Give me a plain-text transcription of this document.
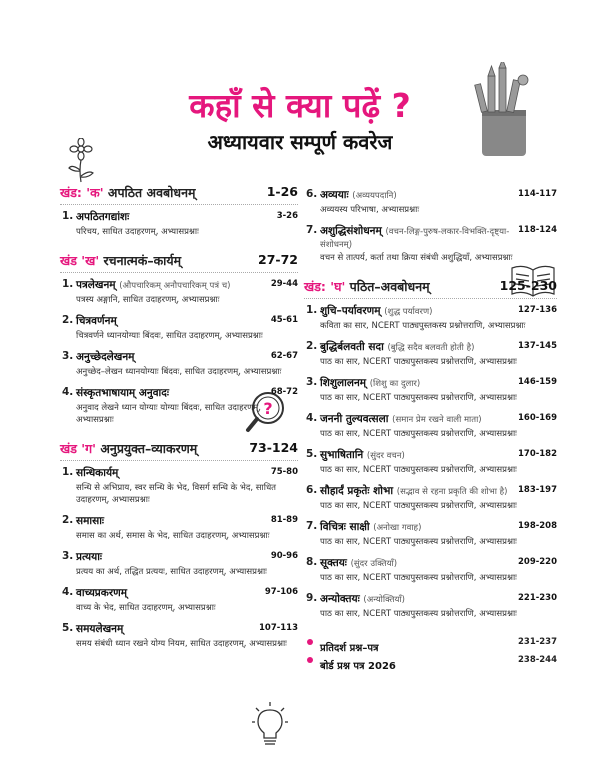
कहाँ से क्या पढ़ें ?
अध्यायवार सम्पूर्ण कवरेज
?
खंड: 'क' अपठित अवबोधनम्	1-26
1. अपठितगद्यांशः	3-26
परिचय, साधित उदाहरणम्, अभ्यासप्रश्नाः
खंड 'ख' रचनात्मकं–कार्यम्	27-72
1. पत्रलेखनम् (औपचारिकम् अनौपचारिकम् पत्रं च)	29-44
पत्रस्य अङ्गानि, साधित उदाहरणम्, अभ्यासप्रश्नाः
2. चित्रवर्णनम्	45-61
चित्रवर्णने ध्यानयोग्याः बिंदवः, साधित उदाहरणम्, अभ्यासप्रश्नाः
3. अनुच्छेदलेखनम्	62-67
अनुच्छेद–लेखन ध्यानयोग्याः बिंदवः, साधित उदाहरणम्, अभ्यासप्रश्नाः
4. संस्कृतभाषायाम् अनुवादः	68-72
अनुवाद लेखने ध्यान योग्याः योग्याः बिंदवः, साधित उदाहरणम्, अभ्यासप्रश्नाः
खंड 'ग' अनुप्रयुक्त–व्याकरणम्	73-124
1. सन्धिकार्यम्	75-80
सन्धि से अभिप्राय, स्वर सन्धि के भेद, विसर्ग सन्धि के भेद, साधित उदाहरणम्, अभ्यासप्रश्नाः
2. समासाः	81-89
समास का अर्थ, समास के भेद, साधित उदाहरणम्, अभ्यासप्रश्नाः
3. प्रत्ययाः	90-96
प्रत्यय का अर्थ, तद्धित प्रत्ययः, साधित उदाहरणम्, अभ्यासप्रश्नाः
4. वाच्यप्रकरणम्	97-106
वाच्य के भेद, साधित उदाहरणम्, अभ्यासप्रश्नाः
5. समयलेखनम्	107-113
समय संबंधी ध्यान रखने योग्य नियम, साधित उदाहरणम्, अभ्यासप्रश्नाः
6. अव्ययाः (अव्ययपदानि)	114-117
अव्ययस्य परिभाषा, अभ्यासप्रश्नाः
7. अशुद्धिसंशोधनम् (वचन-लिङ्ग-पुरुष-लकार-विभक्ति-दृष्ट्या-संशोधनम्)
118-124
वचन से तात्पर्य, कर्ता तथा क्रिया संबंधी अशुद्धियाँ, अभ्यासप्रश्नाः
खंड: 'घ' पठित–अवबोधनम्	125-230
1. शुचि–पर्यावरणम् (शुद्ध पर्यावरण)	127-136
कविता का सार, NCERT पाठ्यपुस्तकस्य प्रश्नोत्तराणि, अभ्यासप्रश्नाः
2. बुद्धिर्बलवती सदा (बुद्धि सदैव बलवती होती है)	137-145
पाठ का सार, NCERT पाठ्यपुस्तकस्य प्रश्नोत्तराणि, अभ्यासप्रश्नाः
3. शिशुलालनम् (शिशु का दुलार)	146-159
पाठ का सार, NCERT पाठ्यपुस्तकस्य प्रश्नोत्तराणि, अभ्यासप्रश्नाः
4. जननी तुल्यवत्सला (समान प्रेम रखने वाली माता)	160-169
पाठ का सार, NCERT पाठ्यपुस्तकस्य प्रश्नोत्तराणि, अभ्यासप्रश्नाः
5. सुभाषितानि (सुंदर वचन)	170-182
पाठ का सार, NCERT पाठ्यपुस्तकस्य प्रश्नोत्तराणि, अभ्यासप्रश्नाः
6. सौहार्दं प्रकृतेः शोभा (सद्भाव से रहना प्रकृति की शोभा है)	183-197
पाठ का सार, NCERT पाठ्यपुस्तकस्य प्रश्नोत्तराणि, अभ्यासप्रश्नाः
7. विचित्रः साक्षी (अनोखा गवाह)	198-208
पाठ का सार, NCERT पाठ्यपुस्तकस्य प्रश्नोत्तराणि, अभ्यासप्रश्नाः
8. सूक्तयः (सुंदर उक्तियाँ)	209-220
पाठ का सार, NCERT पाठ्यपुस्तकस्य प्रश्नोत्तराणि, अभ्यासप्रश्नाः
9. अन्योक्तयः (अन्योक्तियाँ)	221-230
पाठ का सार, NCERT पाठ्यपुस्तकस्य प्रश्नोत्तराणि, अभ्यासप्रश्नाः
प्रतिदर्श प्रश्न–पत्र
231-237
बोर्ड प्रश्न पत्र 2026
238-244
